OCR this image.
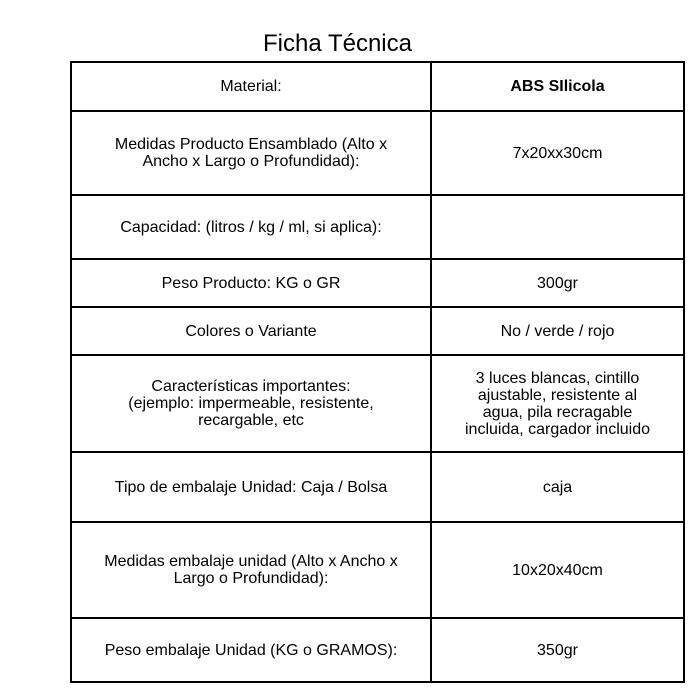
Ficha Técnica
Material:	ABS SIlicola
Medidas Producto Ensamblado (Alto x
Ancho x Largo o Profundidad):	7x20xx30cm
Capacidad: (litros / kg / ml, si aplica):	
Peso Producto: KG o GR	300gr
Colores o Variante	No / verde / rojo
Características importantes:
(ejemplo: impermeable, resistente,
recargable, etc	3 luces blancas, cintillo
ajustable, resistente al
agua, pila recragable
incluida, cargador incluido
Tipo de embalaje Unidad: Caja / Bolsa	caja
Medidas embalaje unidad (Alto x Ancho x
Largo o Profundidad):	10x20x40cm
Peso embalaje Unidad (KG o GRAMOS):	350gr
